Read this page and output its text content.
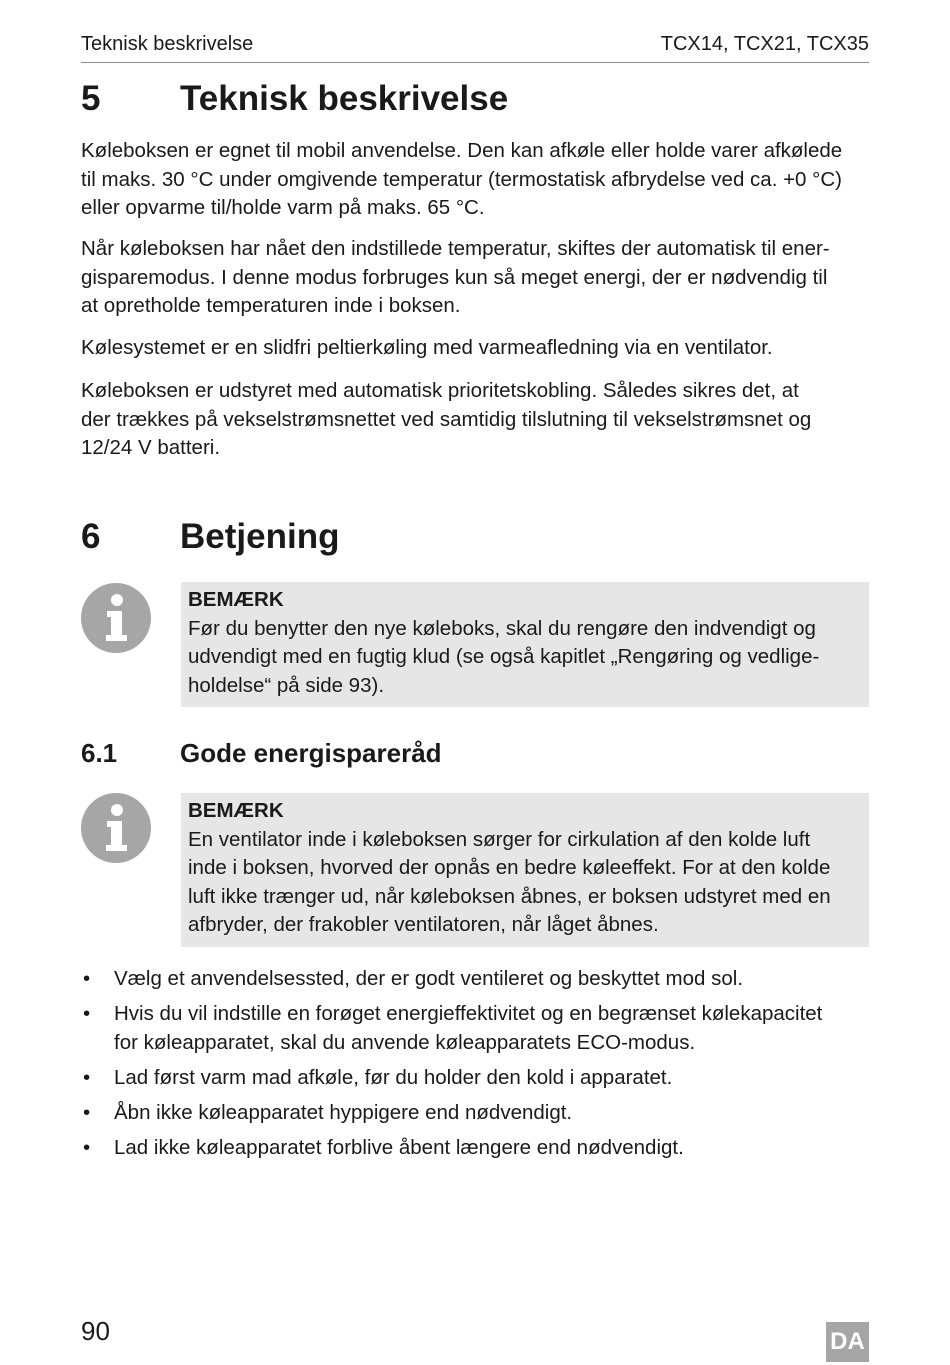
Teknisk beskrivelse	TCX14, TCX21, TCX35
5 Teknisk beskrivelse
Køleboksen er egnet til mobil anvendelse. Den kan afkøle eller holde varer afkølede
til maks. 30 °C under omgivende temperatur (termostatisk afbrydelse ved ca. +0 °C)
eller opvarme til/holde varm på maks. 65 °C.
Når køleboksen har nået den indstillede temperatur, skiftes der automatisk til ener-
gisparemodus. I denne modus forbruges kun så meget energi, der er nødvendig til
at opretholde temperaturen inde i boksen.
Kølesystemet er en slidfri peltierkøling med varmeafledning via en ventilator.
Køleboksen er udstyret med automatisk prioritetskobling. Således sikres det, at
der trækkes på vekselstrømsnettet ved samtidig tilslutning til vekselstrømsnet og
12/24 V batteri.
6 Betjening
BEMÆRK
Før du benytter den nye køleboks, skal du rengøre den indvendigt og
udvendigt med en fugtig klud (se også kapitlet „Rengøring og vedlige-
holdelse“ på side 93).
6.1 Gode energisparеråd
BEMÆRK
En ventilator inde i køleboksen sørger for cirkulation af den kolde luft
inde i boksen, hvorved der opnås en bedre køleeffekt. For at den kolde
luft ikke trænger ud, når køleboksen åbnes, er boksen udstyret med en
afbryder, der frakobler ventilatoren, når låget åbnes.
• Vælg et anvendelsessted, der er godt ventileret og beskyttet mod sol.
• Hvis du vil indstille en forøget energieffektivitet og en begrænset kølekapacitet
for køleapparatet, skal du anvende køleapparatets ECO-modus.
• Lad først varm mad afkøle, før du holder den kold i apparatet.
• Åbn ikke køleapparatet hyppigere end nødvendigt.
• Lad ikke køleapparatet forblive åbent længere end nødvendigt.
90	DA
